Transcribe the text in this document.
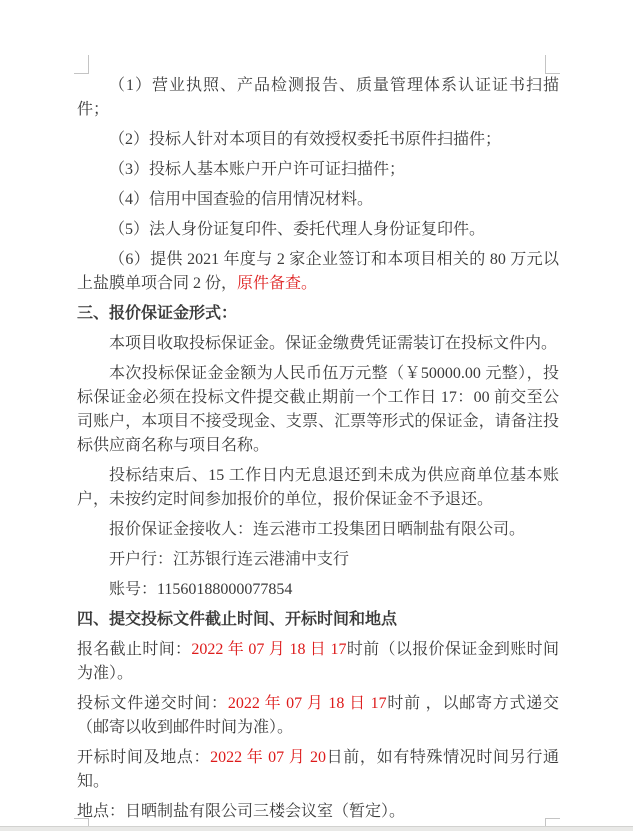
（1）营业执照、产品检测报告、质量管理体系认证证书扫描件；

（2）投标人针对本项目的有效授权委托书原件扫描件；

（3）投标人基本账户开户许可证扫描件；

（4）信用中国查验的信用情况材料。

（5）法人身份证复印件、委托代理人身份证复印件。

（6）提供 2021 年度与 2 家企业签订和本项目相关的 80 万元以上盐膜单项合同 2 份，原件备查。

三、报价保证金形式：

本项目收取投标保证金。保证金缴费凭证需装订在投标文件内。

本次投标保证金金额为人民币伍万元整（￥50000.00 元整），投标保证金必须在投标文件提交截止期前一个工作日 17：00 前交至公司账户，本项目不接受现金、支票、汇票等形式的保证金，请备注投标供应商名称与项目名称。

投标结束后、15 工作日内无息退还到未成为供应商单位基本账户，未按约定时间参加报价的单位，报价保证金不予退还。

报价保证金接收人：连云港市工投集团日晒制盐有限公司。

开户行：江苏银行连云港浦中支行

账号：11560188000077854

四、提交投标文件截止时间、开标时间和地点

报名截止时间：2022 年 07 月 18 日 17时前（以报价保证金到账时间为准）。

投标文件递交时间：2022 年 07 月 18 日 17时前 ，以邮寄方式递交（邮寄以收到邮件时间为准）。

开标时间及地点：2022 年 07 月 20日前，如有特殊情况时间另行通知。

地点：日晒制盐有限公司三楼会议室（暂定）。
